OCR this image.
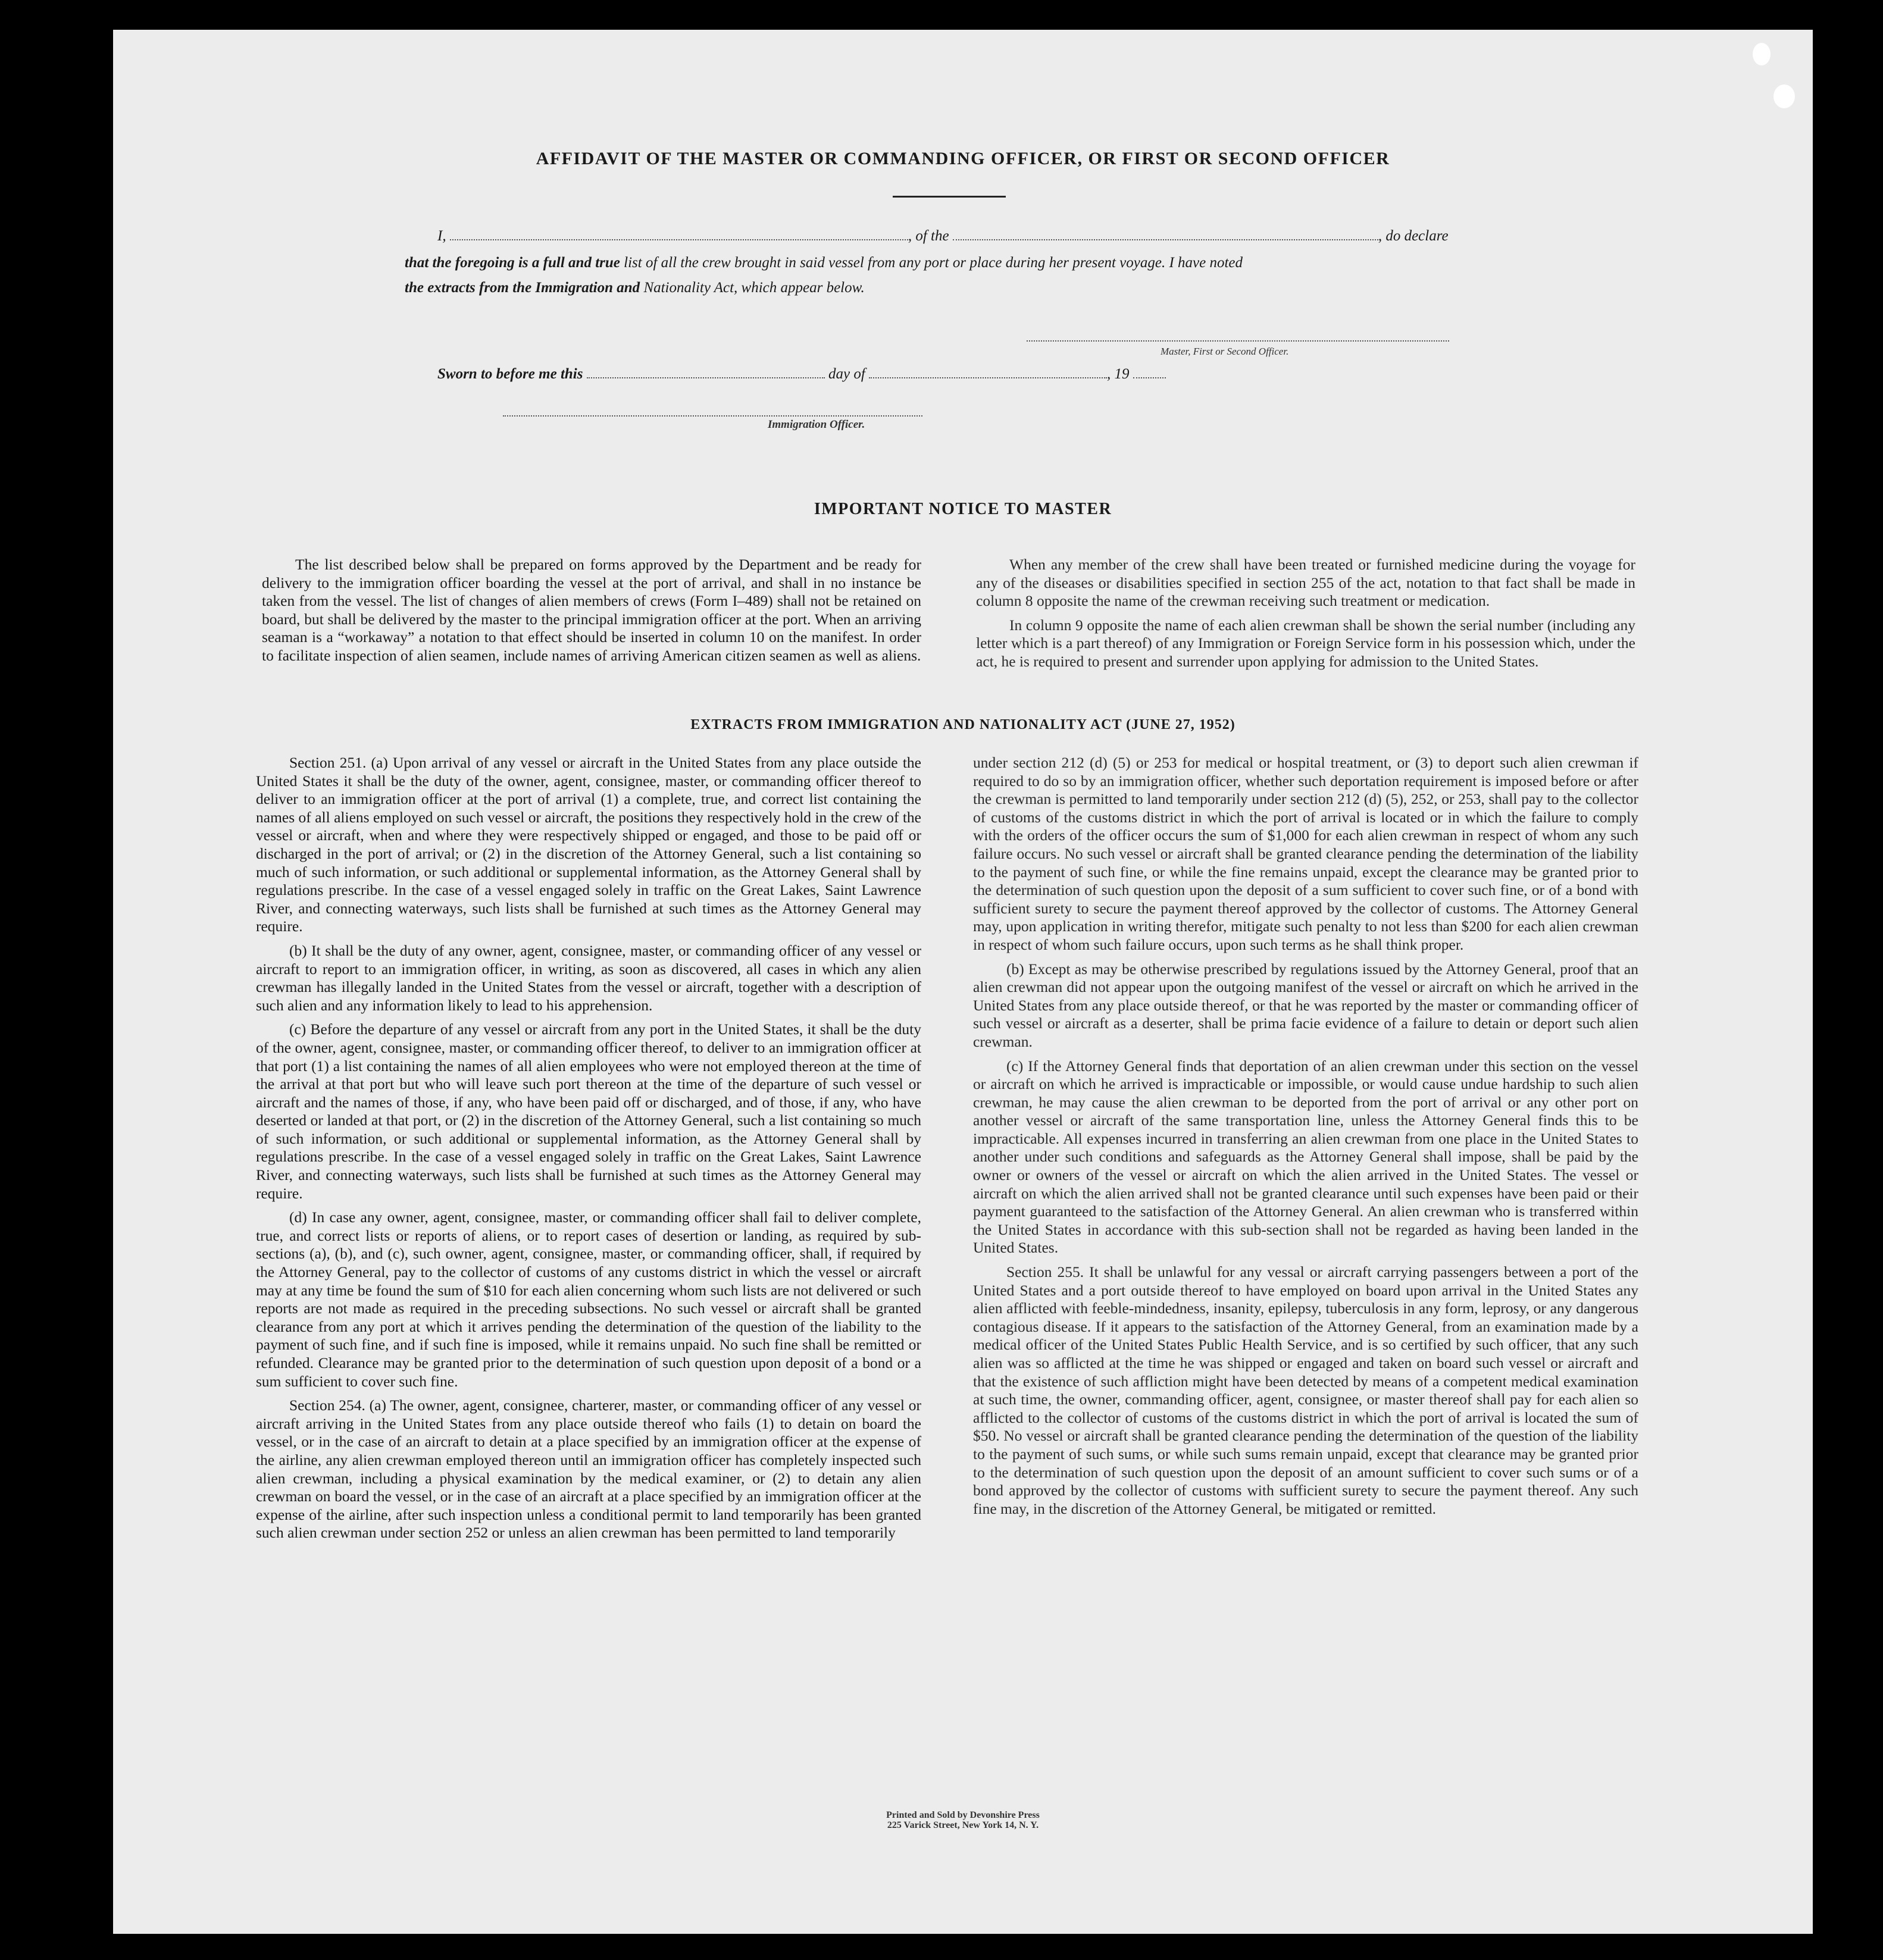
AFFIDAVIT OF THE MASTER OR COMMANDING OFFICER, OR FIRST OR SECOND OFFICER
I,	, of the	, do declare
that the foregoing is a full and true list of all the crew brought in said vessel from any port or place during her present voyage. I have noted
the extracts from the Immigration and Nationality Act, which appear below.
Master, First or Second Officer.
Sworn to before me this	day of	, 19
Immigration Officer.
IMPORTANT NOTICE TO MASTER

The list described below shall be prepared on forms approved by the Department and be ready for delivery to the immigration officer boarding the vessel at the port of arrival, and shall in no instance be taken from the vessel. The list of changes of alien members of crews (Form I–489) shall not be retained on board, but shall be delivered by the master to the principal immigration officer at the port. When an arriving seaman is a “workaway” a notation to that effect should be inserted in column 10 on the manifest. In order to facilitate inspection of alien seamen, include names of arriving American citizen seamen as well as aliens.

When any member of the crew shall have been treated or furnished medicine during the voyage for any of the diseases or disabilities specified in section 255 of the act, notation to that fact shall be made in column 8 opposite the name of the crewman receiving such treatment or medication.

In column 9 opposite the name of each alien crewman shall be shown the serial number (including any letter which is a part thereof) of any Immigration or Foreign Service form in his possession which, under the act, he is required to present and surrender upon applying for admission to the United States.

EXTRACTS FROM IMMIGRATION AND NATIONALITY ACT (JUNE 27, 1952)

Section 251. (a) Upon arrival of any vessel or aircraft in the United States from any place outside the United States it shall be the duty of the owner, agent, consignee, master, or commanding officer thereof to deliver to an immigration officer at the port of arrival (1) a complete, true, and correct list containing the names of all aliens employed on such vessel or aircraft, the positions they respectively hold in the crew of the vessel or aircraft, when and where they were respectively shipped or engaged, and those to be paid off or discharged in the port of arrival; or (2) in the discretion of the Attorney General, such a list containing so much of such information, or such additional or supplemental information, as the Attorney General shall by regulations prescribe. In the case of a vessel engaged solely in traffic on the Great Lakes, Saint Lawrence River, and connecting waterways, such lists shall be furnished at such times as the Attorney General may require.

(b) It shall be the duty of any owner, agent, consignee, master, or commanding officer of any vessel or aircraft to report to an immigration officer, in writing, as soon as discovered, all cases in which any alien crewman has illegally landed in the United States from the vessel or aircraft, together with a description of such alien and any information likely to lead to his apprehension.

(c) Before the departure of any vessel or aircraft from any port in the United States, it shall be the duty of the owner, agent, consignee, master, or commanding officer thereof, to deliver to an immigration officer at that port (1) a list containing the names of all alien employees who were not employed thereon at the time of the arrival at that port but who will leave such port thereon at the time of the departure of such vessel or aircraft and the names of those, if any, who have been paid off or discharged, and of those, if any, who have deserted or landed at that port, or (2) in the discretion of the Attorney General, such a list containing so much of such information, or such additional or supplemental information, as the Attorney General shall by regulations prescribe. In the case of a vessel engaged solely in traffic on the Great Lakes, Saint Lawrence River, and connecting waterways, such lists shall be furnished at such times as the Attorney General may require.

(d) In case any owner, agent, consignee, master, or commanding officer shall fail to deliver complete, true, and correct lists or reports of aliens, or to report cases of desertion or landing, as required by sub-sections (a), (b), and (c), such owner, agent, consignee, master, or commanding officer, shall, if required by the Attorney General, pay to the collector of customs of any customs district in which the vessel or aircraft may at any time be found the sum of $10 for each alien concerning whom such lists are not delivered or such reports are not made as required in the preceding subsections. No such vessel or aircraft shall be granted clearance from any port at which it arrives pending the determination of the question of the liability to the payment of such fine, and if such fine is imposed, while it remains unpaid. No such fine shall be remitted or refunded. Clearance may be granted prior to the determination of such question upon deposit of a bond or a sum sufficient to cover such fine.

Section 254. (a) The owner, agent, consignee, charterer, master, or commanding officer of any vessel or aircraft arriving in the United States from any place outside thereof who fails (1) to detain on board the vessel, or in the case of an aircraft to detain at a place specified by an immigration officer at the expense of the airline, any alien crewman employed thereon until an immigration officer has completely inspected such alien crewman, including a physical examination by the medical examiner, or (2) to detain any alien crewman on board the vessel, or in the case of an aircraft at a place specified by an immigration officer at the expense of the airline, after such inspection unless a conditional permit to land temporarily has been granted such alien crewman under section 252 or unless an alien crewman has been permitted to land temporarily

under section 212 (d) (5) or 253 for medical or hospital treatment, or (3) to deport such alien crewman if required to do so by an immigration officer, whether such deportation requirement is imposed before or after the crewman is permitted to land temporarily under section 212 (d) (5), 252, or 253, shall pay to the collector of customs of the customs district in which the port of arrival is located or in which the failure to comply with the orders of the officer occurs the sum of $1,000 for each alien crewman in respect of whom any such failure occurs. No such vessel or aircraft shall be granted clearance pending the determination of the liability to the payment of such fine, or while the fine remains unpaid, except the clearance may be granted prior to the determination of such question upon the deposit of a sum sufficient to cover such fine, or of a bond with sufficient surety to secure the payment thereof approved by the collector of customs. The Attorney General may, upon application in writing therefor, mitigate such penalty to not less than $200 for each alien crewman in respect of whom such failure occurs, upon such terms as he shall think proper.

(b) Except as may be otherwise prescribed by regulations issued by the Attorney General, proof that an alien crewman did not appear upon the outgoing manifest of the vessel or aircraft on which he arrived in the United States from any place outside thereof, or that he was reported by the master or commanding officer of such vessel or aircraft as a deserter, shall be prima facie evidence of a failure to detain or deport such alien crewman.

(c) If the Attorney General finds that deportation of an alien crewman under this section on the vessel or aircraft on which he arrived is impracticable or impossible, or would cause undue hardship to such alien crewman, he may cause the alien crewman to be deported from the port of arrival or any other port on another vessel or aircraft of the same transportation line, unless the Attorney General finds this to be impracticable. All expenses incurred in transferring an alien crewman from one place in the United States to another under such conditions and safeguards as the Attorney General shall impose, shall be paid by the owner or owners of the vessel or aircraft on which the alien arrived in the United States. The vessel or aircraft on which the alien arrived shall not be granted clearance until such expenses have been paid or their payment guaranteed to the satisfaction of the Attorney General. An alien crewman who is transferred within the United States in accordance with this sub-section shall not be regarded as having been landed in the United States.

Section 255. It shall be unlawful for any vessal or aircraft carrying passengers between a port of the United States and a port outside thereof to have employed on board upon arrival in the United States any alien afflicted with feeble-mindedness, insanity, epilepsy, tuberculosis in any form, leprosy, or any dangerous contagious disease. If it appears to the satisfaction of the Attorney General, from an examination made by a medical officer of the United States Public Health Service, and is so certified by such officer, that any such alien was so afflicted at the time he was shipped or engaged and taken on board such vessel or aircraft and that the existence of such affliction might have been detected by means of a competent medical examination at such time, the owner, commanding officer, agent, consignee, or master thereof shall pay for each alien so afflicted to the collector of customs of the customs district in which the port of arrival is located the sum of $50. No vessel or aircraft shall be granted clearance pending the determination of the question of the liability to the payment of such sums, or while such sums remain unpaid, except that clearance may be granted prior to the determination of such question upon the deposit of an amount sufficient to cover such sums or of a bond approved by the collector of customs with sufficient surety to secure the payment thereof. Any such fine may, in the discretion of the Attorney General, be mitigated or remitted.

Printed and Sold by Devonshire Press
225 Varick Street, New York 14, N. Y.
